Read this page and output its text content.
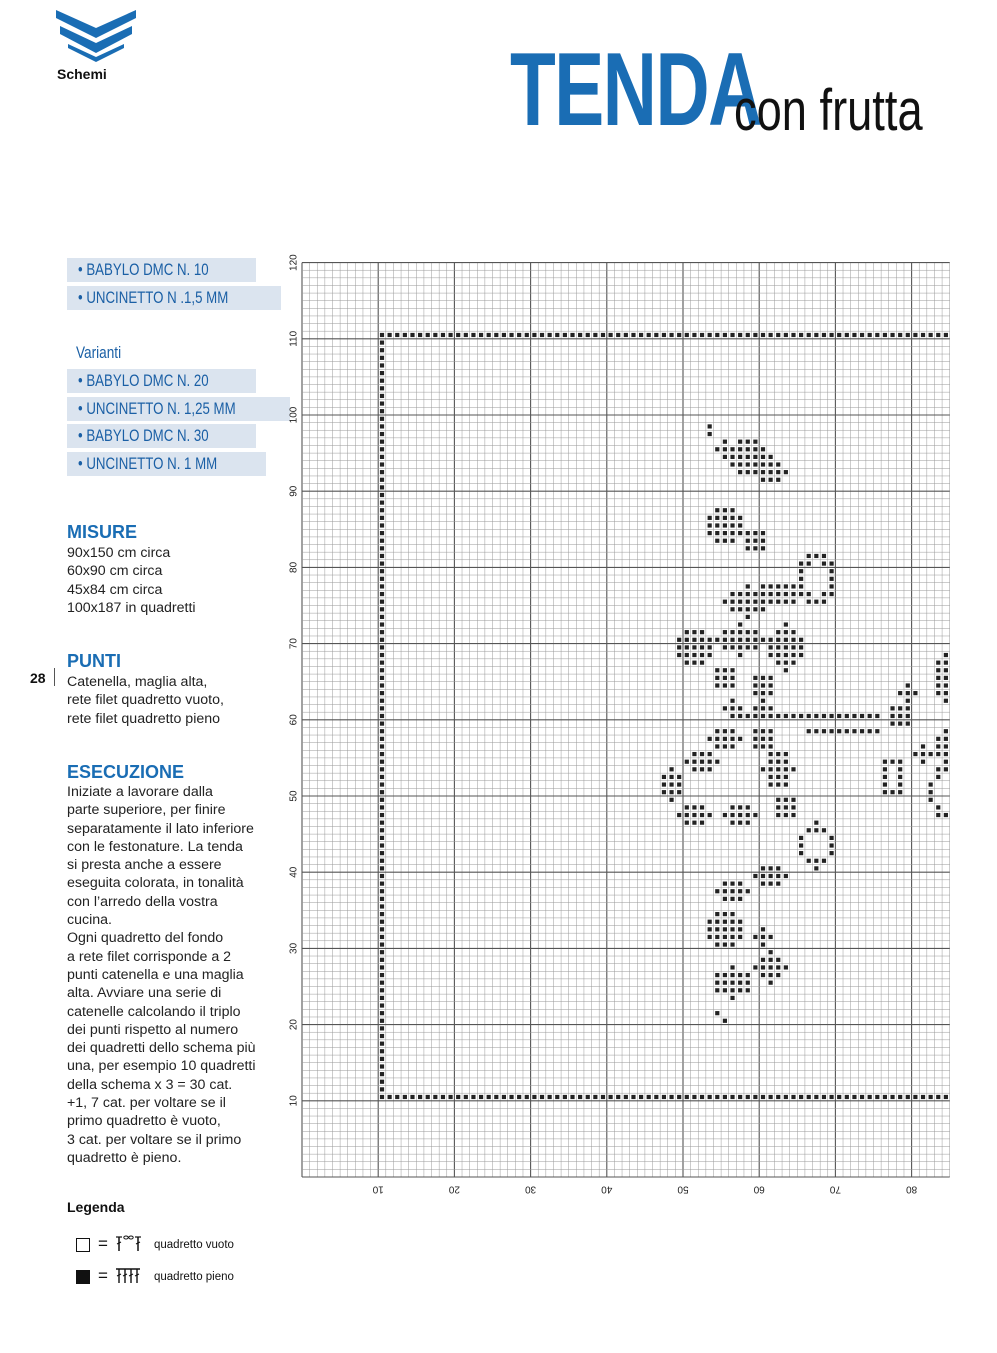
Schemi	TENDA
con frutta
• BABYLO DMC N. 10
• UNCINETTO N .1,5 MM
Varianti
• BABYLO DMC N. 20
• UNCINETTO N. 1,25 MM
• BABYLO DMC N. 30
• UNCINETTO N. 1 MM
MISURE
90x150 cm circa
60x90 cm circa
45x84 cm circa
100x187 in quadretti
28
PUNTI
Catenella, maglia alta,
rete filet quadretto vuoto,
rete filet quadretto pieno
ESECUZIONE
Iniziate a lavorare dalla
parte superiore, per finire
separatamente il lato inferiore
con le festonature. La tenda
si presta anche a essere
eseguita colorata, in tonalità
con l’arredo della vostra
cucina.
Ogni quadretto del fondo
a rete filet corrisponde a 2
punti catenella e una maglia
alta. Avviare una serie di
catenelle calcolando il triplo
dei punti rispetto al numero
dei quadretti dello schema più
una, per esempio 10 quadretti
della schema x 3 = 30 cat.
+1, 7 cat. per voltare se il
primo quadretto è vuoto,
3 cat. per voltare se il primo
quadretto è pieno.
Legenda
=	quadretto vuoto
=	quadretto pieno
10	20	30	40	50	60	70	80
10
20
30
40
50
60
70
80
90
100
110
120
